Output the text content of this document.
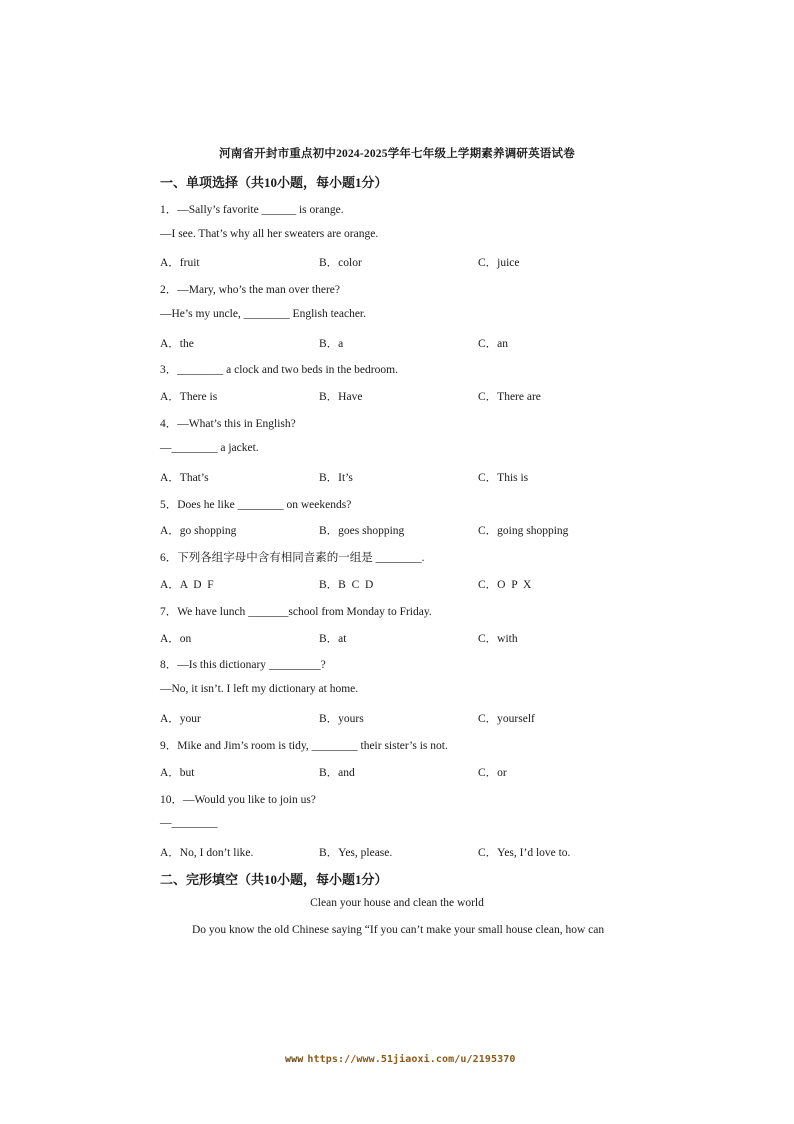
河南省开封市重点初中2024-2025学年七年级上学期素养调研英语试卷
一、单项选择（共10小题，每小题1分）
1．—Sally’s favorite ______ is orange.
—I see. That’s why all her sweaters are orange.
A．fruit	B．color	C．juice
2．—Mary, who’s the man over there?
—He’s my uncle, ________ English teacher.
A．the	B．a	C．an
3．________ a clock and two beds in the bedroom.
A．There is	B．Have	C．There are
4．—What’s this in English?
—________ a jacket.
A．That’s	B．It’s	C．This is
5．Does he like ________ on weekends?
A．go shopping	B．goes shopping	C．going shopping
6．下列各组字母中含有相同音素的一组是 ________.
A．A  D  F	B．B  C  D	C．O  P  X
7．We have lunch _______school from Monday to Friday.
A．on	B．at	C．with
8．—Is this dictionary _________?
—No, it isn’t. I left my dictionary at home.
A．your	B．yours	C．yourself
9．Mike and Jim’s room is tidy, ________ their sister’s is not.
A．but	B．and	C．or
10．—Would you like to join us?
—________
A．No, I don’t like.	B．Yes, please.	C．Yes, I’d love to.
二、完形填空（共10小题，每小题1分）
Clean your house and clean the world
Do you know the old Chinese saying “If you can’t make your small house clean, how can
www https://www.51jiaoxi.com/u/2195370
